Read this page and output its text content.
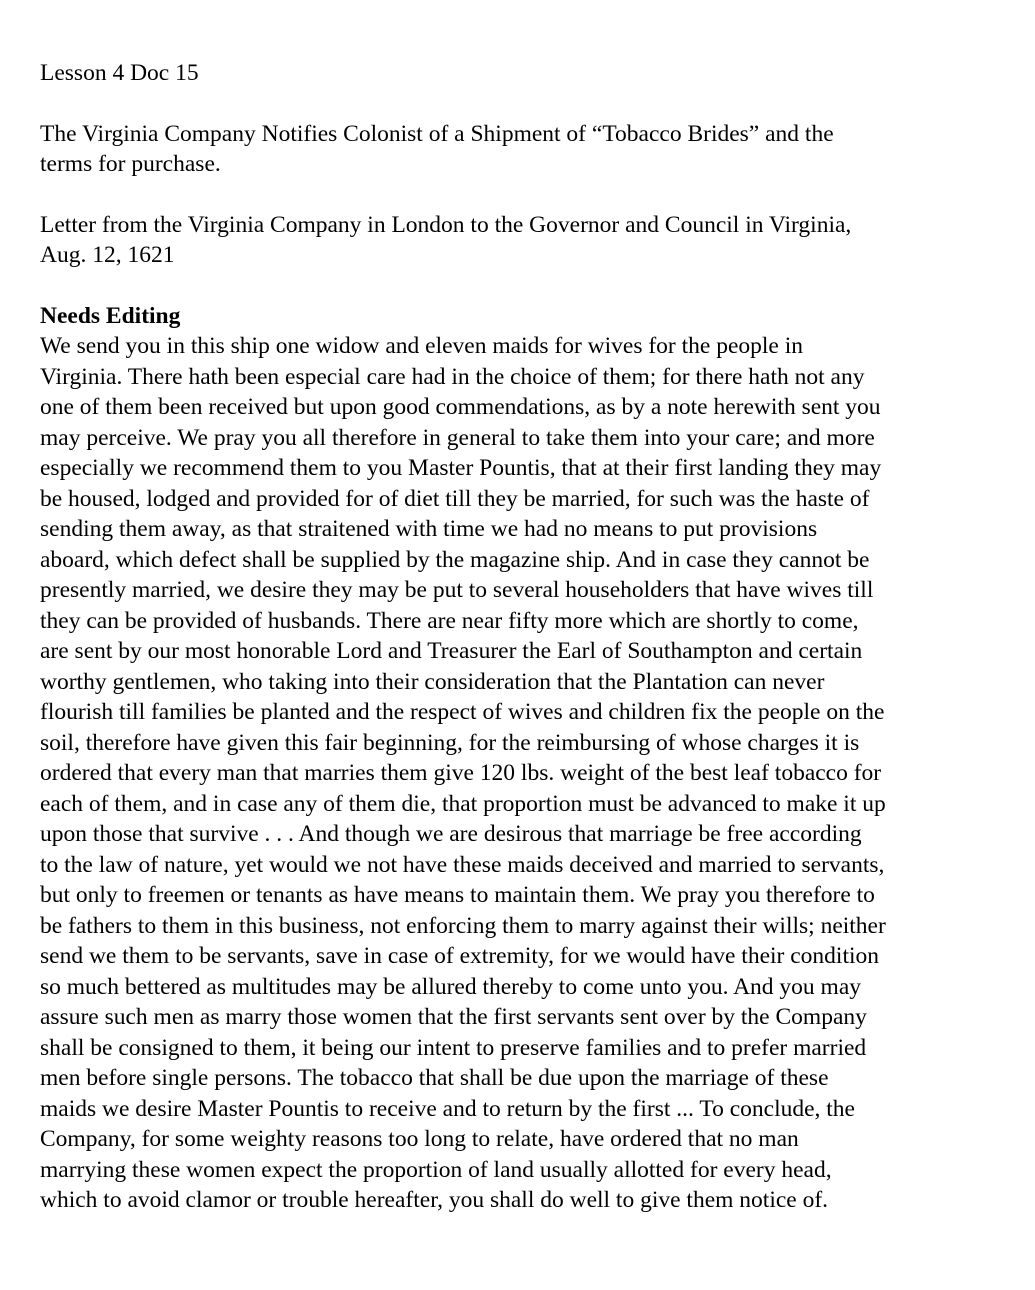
Lesson 4 Doc 15

The Virginia Company Notifies Colonist of a Shipment of “Tobacco Brides” and the
terms for purchase.

Letter from the Virginia Company in London to the Governor and Council in Virginia,
Aug. 12, 1621

Needs Editing

We send you in this ship one widow and eleven maids for wives for the people in
Virginia. There hath been especial care had in the choice of them; for there hath not any
one of them been received but upon good commendations, as by a note herewith sent you
may perceive. We pray you all therefore in general to take them into your care; and more
especially we recommend them to you Master Pountis, that at their first landing they may
be housed, lodged and provided for of diet till they be married, for such was the haste of
sending them away, as that straitened with time we had no means to put provisions
aboard, which defect shall be supplied by the magazine ship. And in case they cannot be
presently married, we desire they may be put to several householders that have wives till
they can be provided of husbands. There are near fifty more which are shortly to come,
are sent by our most honorable Lord and Treasurer the Earl of Southampton and certain
worthy gentlemen, who taking into their consideration that the Plantation can never
flourish till families be planted and the respect of wives and children fix the people on the
soil, therefore have given this fair beginning, for the reimbursing of whose charges it is
ordered that every man that marries them give 120 lbs. weight of the best leaf tobacco for
each of them, and in case any of them die, that proportion must be advanced to make it up
upon those that survive . . . And though we are desirous that marriage be free according
to the law of nature, yet would we not have these maids deceived and married to servants,
but only to freemen or tenants as have means to maintain them. We pray you therefore to
be fathers to them in this business, not enforcing them to marry against their wills; neither
send we them to be servants, save in case of extremity, for we would have their condition
so much bettered as multitudes may be allured thereby to come unto you. And you may
assure such men as marry those women that the first servants sent over by the Company
shall be consigned to them, it being our intent to preserve families and to prefer married
men before single persons. The tobacco that shall be due upon the marriage of these
maids we desire Master Pountis to receive and to return by the first ... To conclude, the
Company, for some weighty reasons too long to relate, have ordered that no man
marrying these women expect the proportion of land usually allotted for every head,
which to avoid clamor or trouble hereafter, you shall do well to give them notice of.
